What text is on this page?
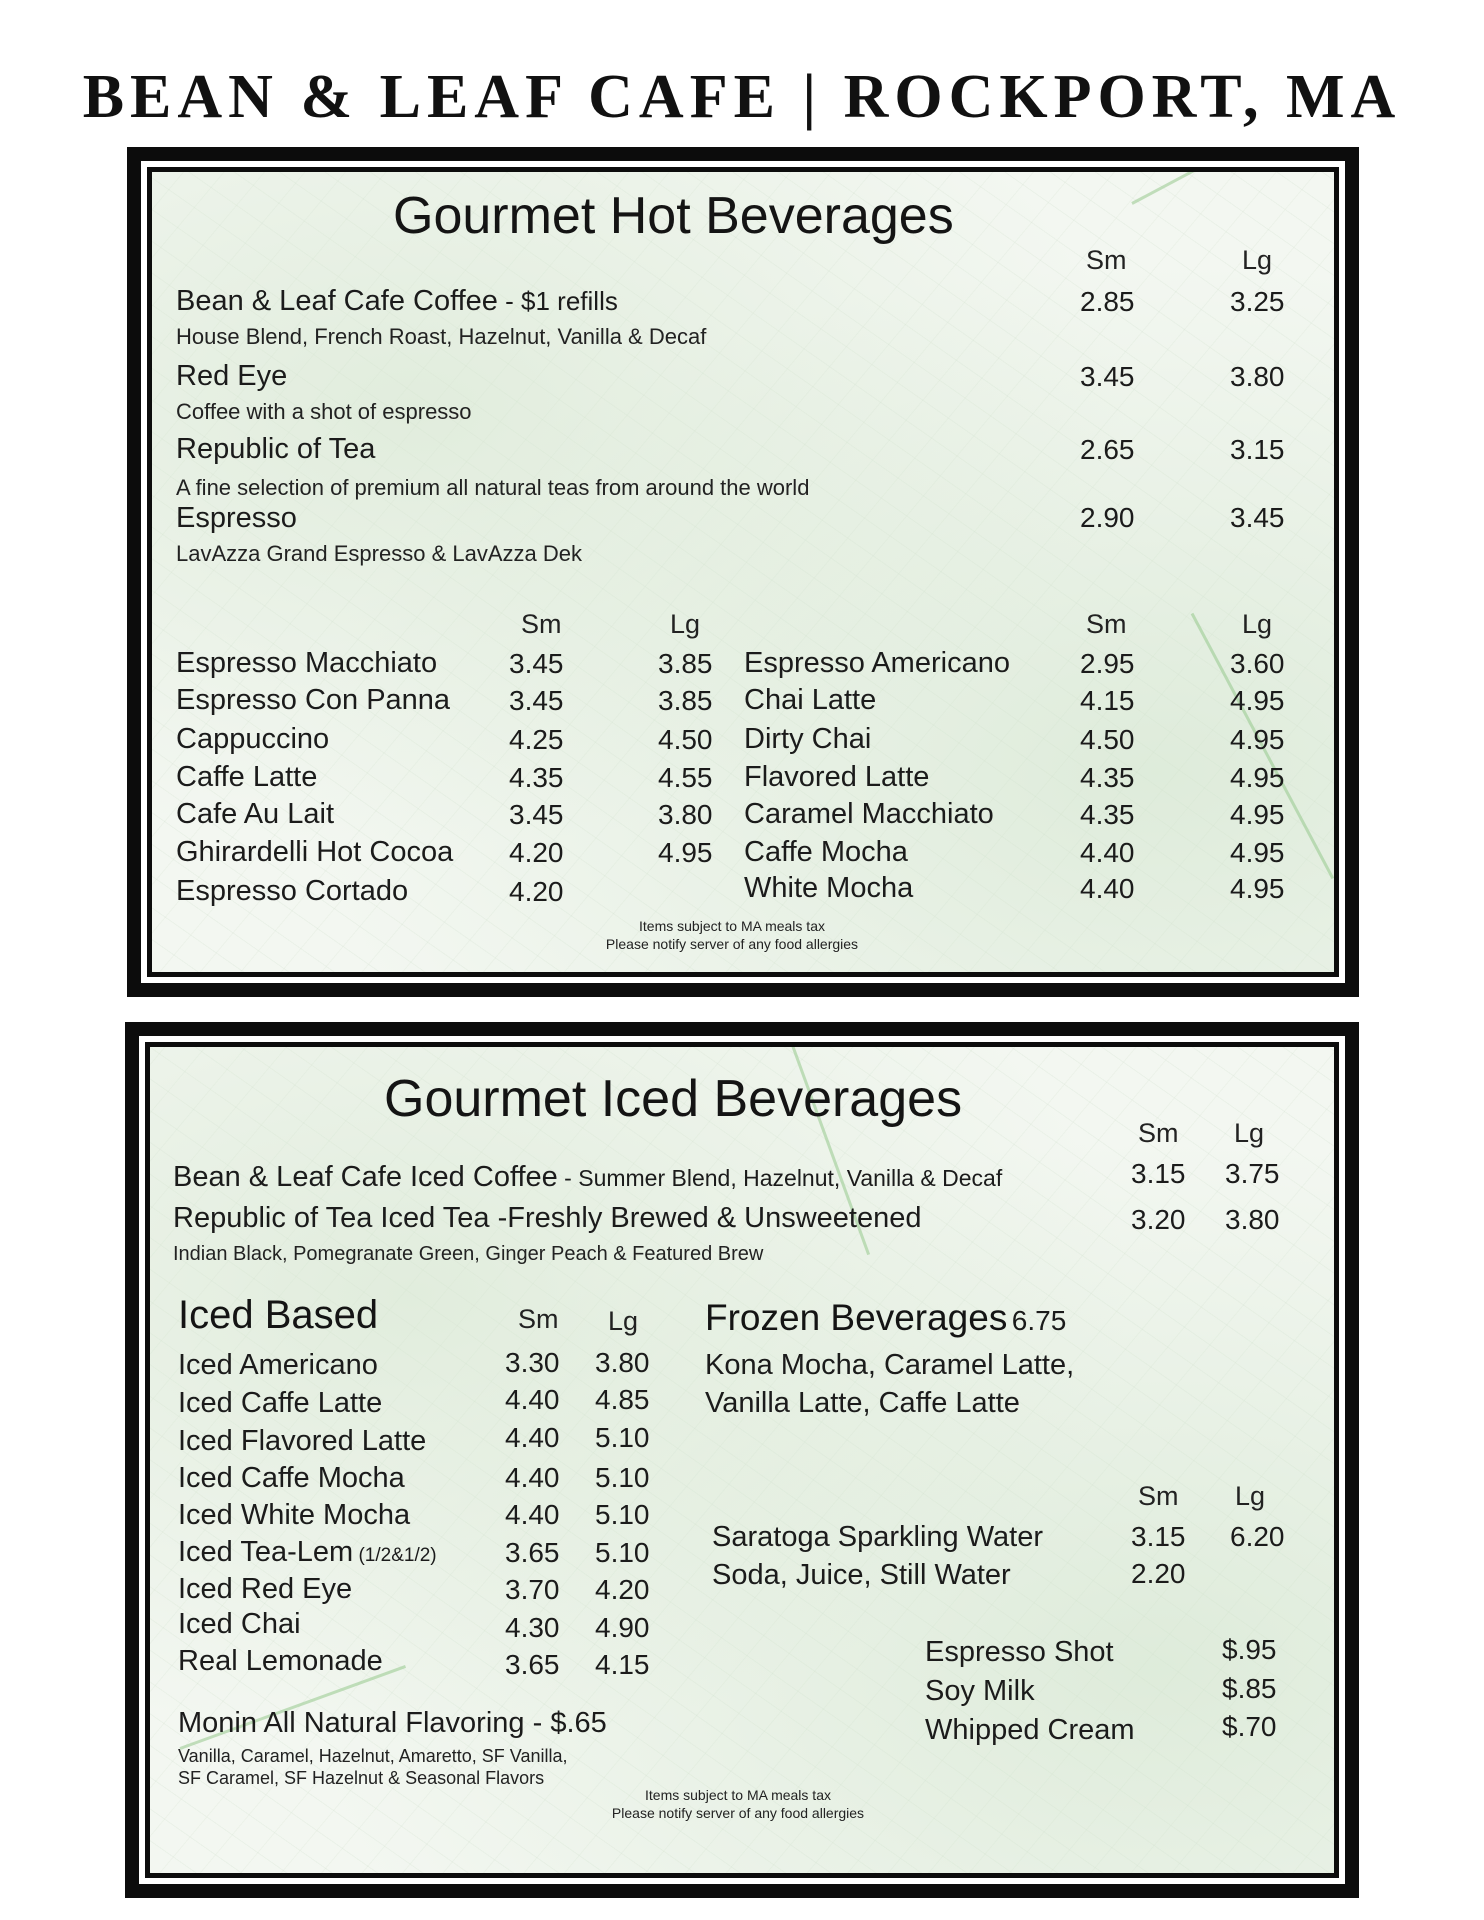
BEAN & LEAF CAFE | ROCKPORT, MA
Gourmet Hot Beverages
Sm	Lg
Bean & Leaf Cafe Coffee - $1 refills
House Blend, French Roast, Hazelnut, Vanilla & Decaf
2.85	3.25
Red Eye
Coffee with a shot of espresso
3.45	3.80
Republic of Tea
A fine selection of premium all natural teas from around the world
2.65	3.15
Espresso
LavAzza Grand Espresso & LavAzza Dek
2.90	3.45
Sm	Lg	Sm	Lg
Espresso Macchiato	3.45	3.85
Espresso Con Panna 3.45	3.85
Cappuccino	4.25	4.50
Caffe Latte	4.35	4.55
Cafe Au Lait	3.45	3.80
Ghirardelli Hot Cocoa 4.20	4.95
Espresso Cortado	4.20
Espresso Americano	2.95	3.60
Chai Latte	4.15	4.95
Dirty Chai	4.50	4.95
Flavored Latte	4.35	4.95
Caramel Macchiato	4.35	4.95
Caffe Mocha	4.40	4.95
White Mocha	4.40	4.95
Items subject to MA meals tax
Please notify server of any food allergies
Gourmet Iced Beverages
Sm Lg
Bean & Leaf Cafe Iced Coffee - Summer Blend, Hazelnut, Vanilla & Decaf	3.15 3.75
Republic of Tea Iced Tea -Freshly Brewed & Unsweetened
Indian Black, Pomegranate Green, Ginger Peach & Featured Brew
3.20 3.80
Iced Based	Sm Lg
Iced Americano	3.30 3.80
Iced Caffe Latte	4.40 4.85
Iced Flavored Latte	4.40 5.10
Iced Caffe Mocha	4.40 5.10
Iced White Mocha	4.40 5.10
Iced Tea-Lem (1/2&1/2) 3.65 5.10
Iced Red Eye	3.70 4.20
Iced Chai	4.30 4.90
Real Lemonade	3.65 4.15
Monin All Natural Flavoring - $.65
Vanilla, Caramel, Hazelnut, Amaretto, SF Vanilla,
SF Caramel, SF Hazelnut & Seasonal Flavors
Frozen Beverages 6.75
Kona Mocha, Caramel Latte,
Vanilla Latte, Caffe Latte
Sm Lg
Saratoga Sparkling Water	3.15 6.20
Soda, Juice, Still Water	2.20
Espresso Shot	$.95
Soy Milk	$.85
Whipped Cream	$.70
Items subject to MA meals tax
Please notify server of any food allergies
